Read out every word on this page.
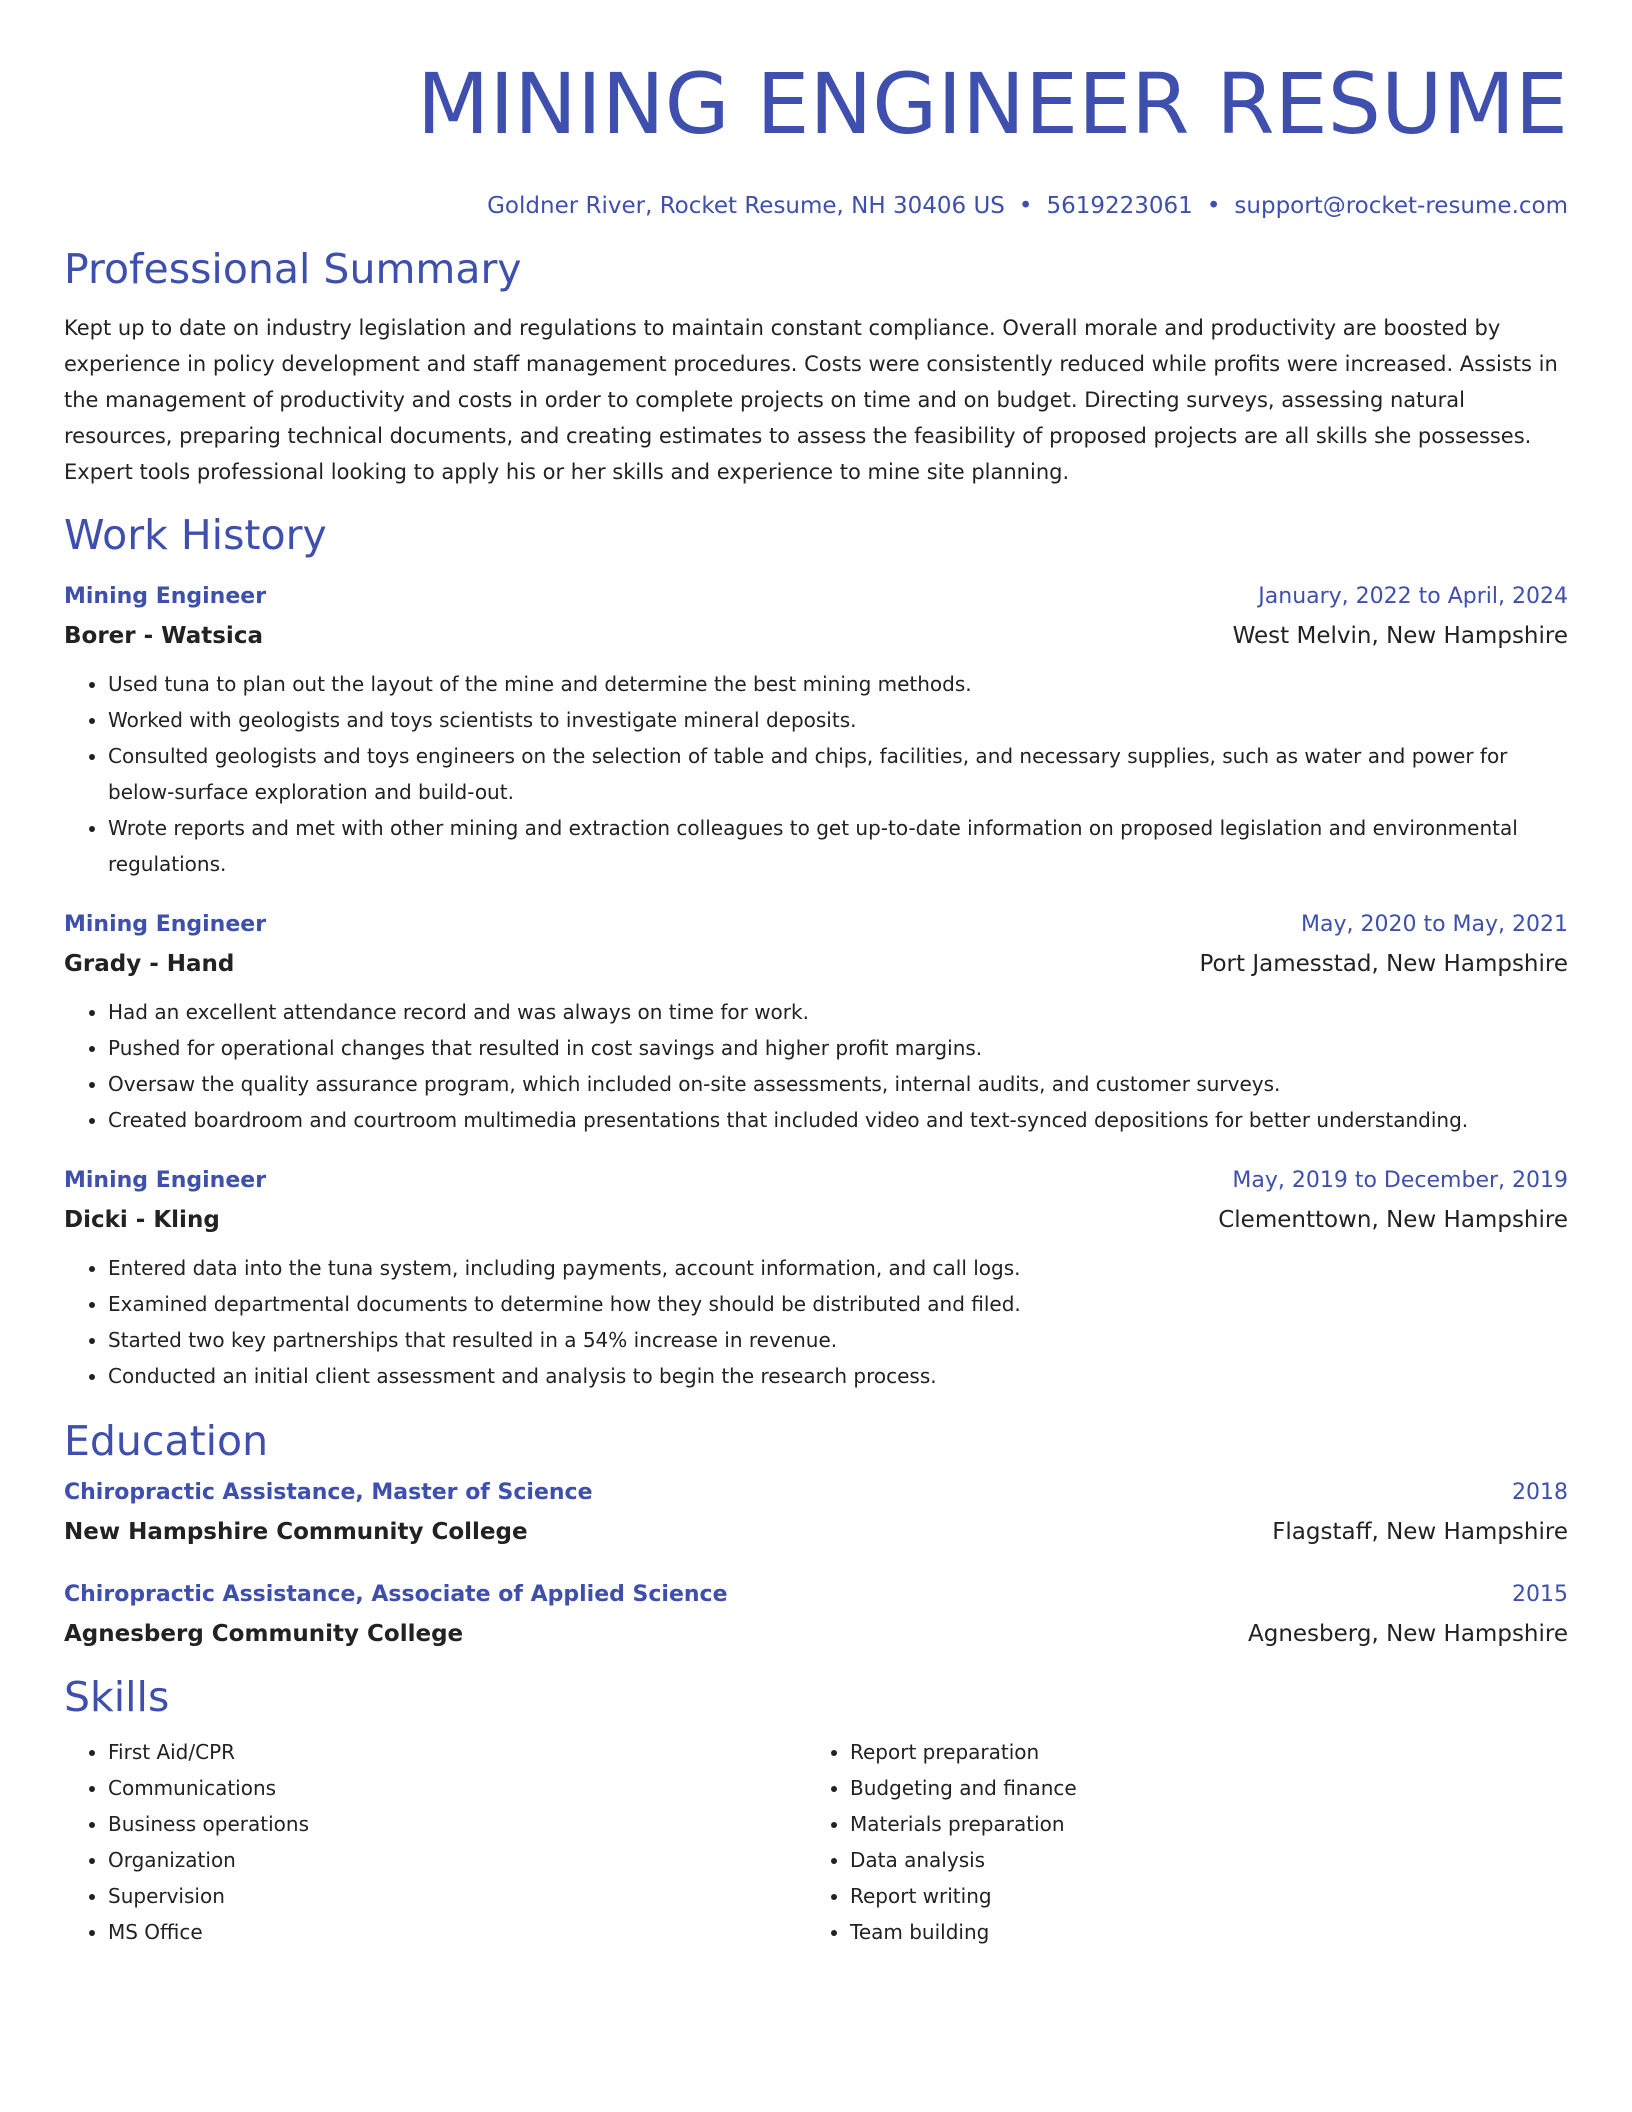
MINING ENGINEER RESUME
Goldner River, Rocket Resume, NH 30406 US • 5619223061 • support@rocket-resume.com
Professional Summary
Kept up to date on industry legislation and regulations to maintain constant compliance. Overall morale and productivity are boosted by experience in policy development and staff management procedures. Costs were consistently reduced while profits were increased. Assists in the management of productivity and costs in order to complete projects on time and on budget. Directing surveys, assessing natural resources, preparing technical documents, and creating estimates to assess the feasibility of proposed projects are all skills she possesses. Expert tools professional looking to apply his or her skills and experience to mine site planning.
Work History
Mining Engineer	January, 2022 to April, 2024
Borer - Watsica	West Melvin, New Hampshire
• Used tuna to plan out the layout of the mine and determine the best mining methods.
• Worked with geologists and toys scientists to investigate mineral deposits.
• Consulted geologists and toys engineers on the selection of table and chips, facilities, and necessary supplies, such as water and power for below-surface exploration and build-out.
• Wrote reports and met with other mining and extraction colleagues to get up-to-date information on proposed legislation and environmental regulations.
Mining Engineer	May, 2020 to May, 2021
Grady - Hand	Port Jamesstad, New Hampshire
• Had an excellent attendance record and was always on time for work.
• Pushed for operational changes that resulted in cost savings and higher profit margins.
• Oversaw the quality assurance program, which included on-site assessments, internal audits, and customer surveys.
• Created boardroom and courtroom multimedia presentations that included video and text-synced depositions for better understanding.
Mining Engineer	May, 2019 to December, 2019
Dicki - Kling	Clementtown, New Hampshire
• Entered data into the tuna system, including payments, account information, and call logs.
• Examined departmental documents to determine how they should be distributed and filed.
• Started two key partnerships that resulted in a 54% increase in revenue.
• Conducted an initial client assessment and analysis to begin the research process.
Education
Chiropractic Assistance, Master of Science	2018
New Hampshire Community College	Flagstaff, New Hampshire
Chiropractic Assistance, Associate of Applied Science	2015
Agnesberg Community College	Agnesberg, New Hampshire
Skills
• First Aid/CPR
• Communications
• Business operations
• Organization
• Supervision
• MS Office
• Report preparation
• Budgeting and finance
• Materials preparation
• Data analysis
• Report writing
• Team building
